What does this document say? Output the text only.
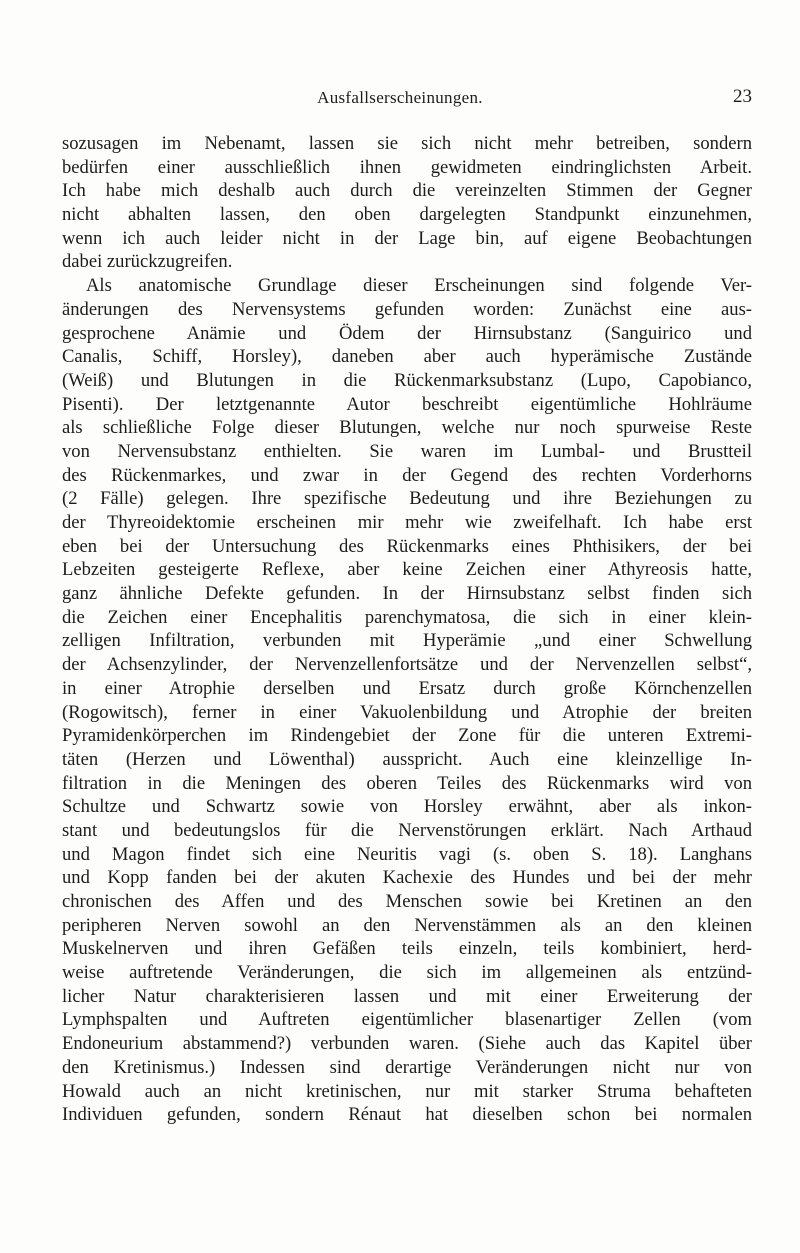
Ausfallserscheinungen.	23
sozusagen im Nebenamt, lassen sie sich nicht mehr betreiben, sondern
bedürfen einer ausschließlich ihnen gewidmeten eindringlichsten Arbeit.
Ich habe mich deshalb auch durch die vereinzelten Stimmen der Gegner
nicht abhalten lassen, den oben dargelegten Standpunkt einzunehmen,
wenn ich auch leider nicht in der Lage bin, auf eigene Beobachtungen
dabei zurückzugreifen.
Als anatomische Grundlage dieser Erscheinungen sind folgende Ver-
änderungen des Nervensystems gefunden worden: Zunächst eine aus-
gesprochene Anämie und Ödem der Hirnsubstanz (Sanguirico und
Canalis, Schiff, Horsley), daneben aber auch hyperämische Zustände
(Weiß) und Blutungen in die Rückenmarksubstanz (Lupo, Capobianco,
Pisenti). Der letztgenannte Autor beschreibt eigentümliche Hohlräume
als schließliche Folge dieser Blutungen, welche nur noch spurweise Reste
von Nervensubstanz enthielten. Sie waren im Lumbal- und Brustteil
des Rückenmarkes, und zwar in der Gegend des rechten Vorderhorns
(2 Fälle) gelegen. Ihre spezifische Bedeutung und ihre Beziehungen zu
der Thyreoidektomie erscheinen mir mehr wie zweifelhaft. Ich habe erst
eben bei der Untersuchung des Rückenmarks eines Phthisikers, der bei
Lebzeiten gesteigerte Reflexe, aber keine Zeichen einer Athyreosis hatte,
ganz ähnliche Defekte gefunden. In der Hirnsubstanz selbst finden sich
die Zeichen einer Encephalitis parenchymatosa, die sich in einer klein-
zelligen Infiltration, verbunden mit Hyperämie „und einer Schwellung
der Achsenzylinder, der Nervenzellenfortsätze und der Nervenzellen selbst“,
in einer Atrophie derselben und Ersatz durch große Körnchenzellen
(Rogowitsch), ferner in einer Vakuolenbildung und Atrophie der breiten
Pyramidenkörperchen im Rindengebiet der Zone für die unteren Extremi-
täten (Herzen und Löwenthal) ausspricht. Auch eine kleinzellige In-
filtration in die Meningen des oberen Teiles des Rückenmarks wird von
Schultze und Schwartz sowie von Horsley erwähnt, aber als inkon-
stant und bedeutungslos für die Nervenstörungen erklärt. Nach Arthaud
und Magon findet sich eine Neuritis vagi (s. oben S. 18). Langhans
und Kopp fanden bei der akuten Kachexie des Hundes und bei der mehr
chronischen des Affen und des Menschen sowie bei Kretinen an den
peripheren Nerven sowohl an den Nervenstämmen als an den kleinen
Muskelnerven und ihren Gefäßen teils einzeln, teils kombiniert, herd-
weise auftretende Veränderungen, die sich im allgemeinen als entzünd-
licher Natur charakterisieren lassen und mit einer Erweiterung der
Lymphspalten und Auftreten eigentümlicher blasenartiger Zellen (vom
Endoneurium abstammend?) verbunden waren. (Siehe auch das Kapitel über
den Kretinismus.) Indessen sind derartige Veränderungen nicht nur von
Howald auch an nicht kretinischen, nur mit starker Struma behafteten
Individuen gefunden, sondern Rénaut hat dieselben schon bei normalen
